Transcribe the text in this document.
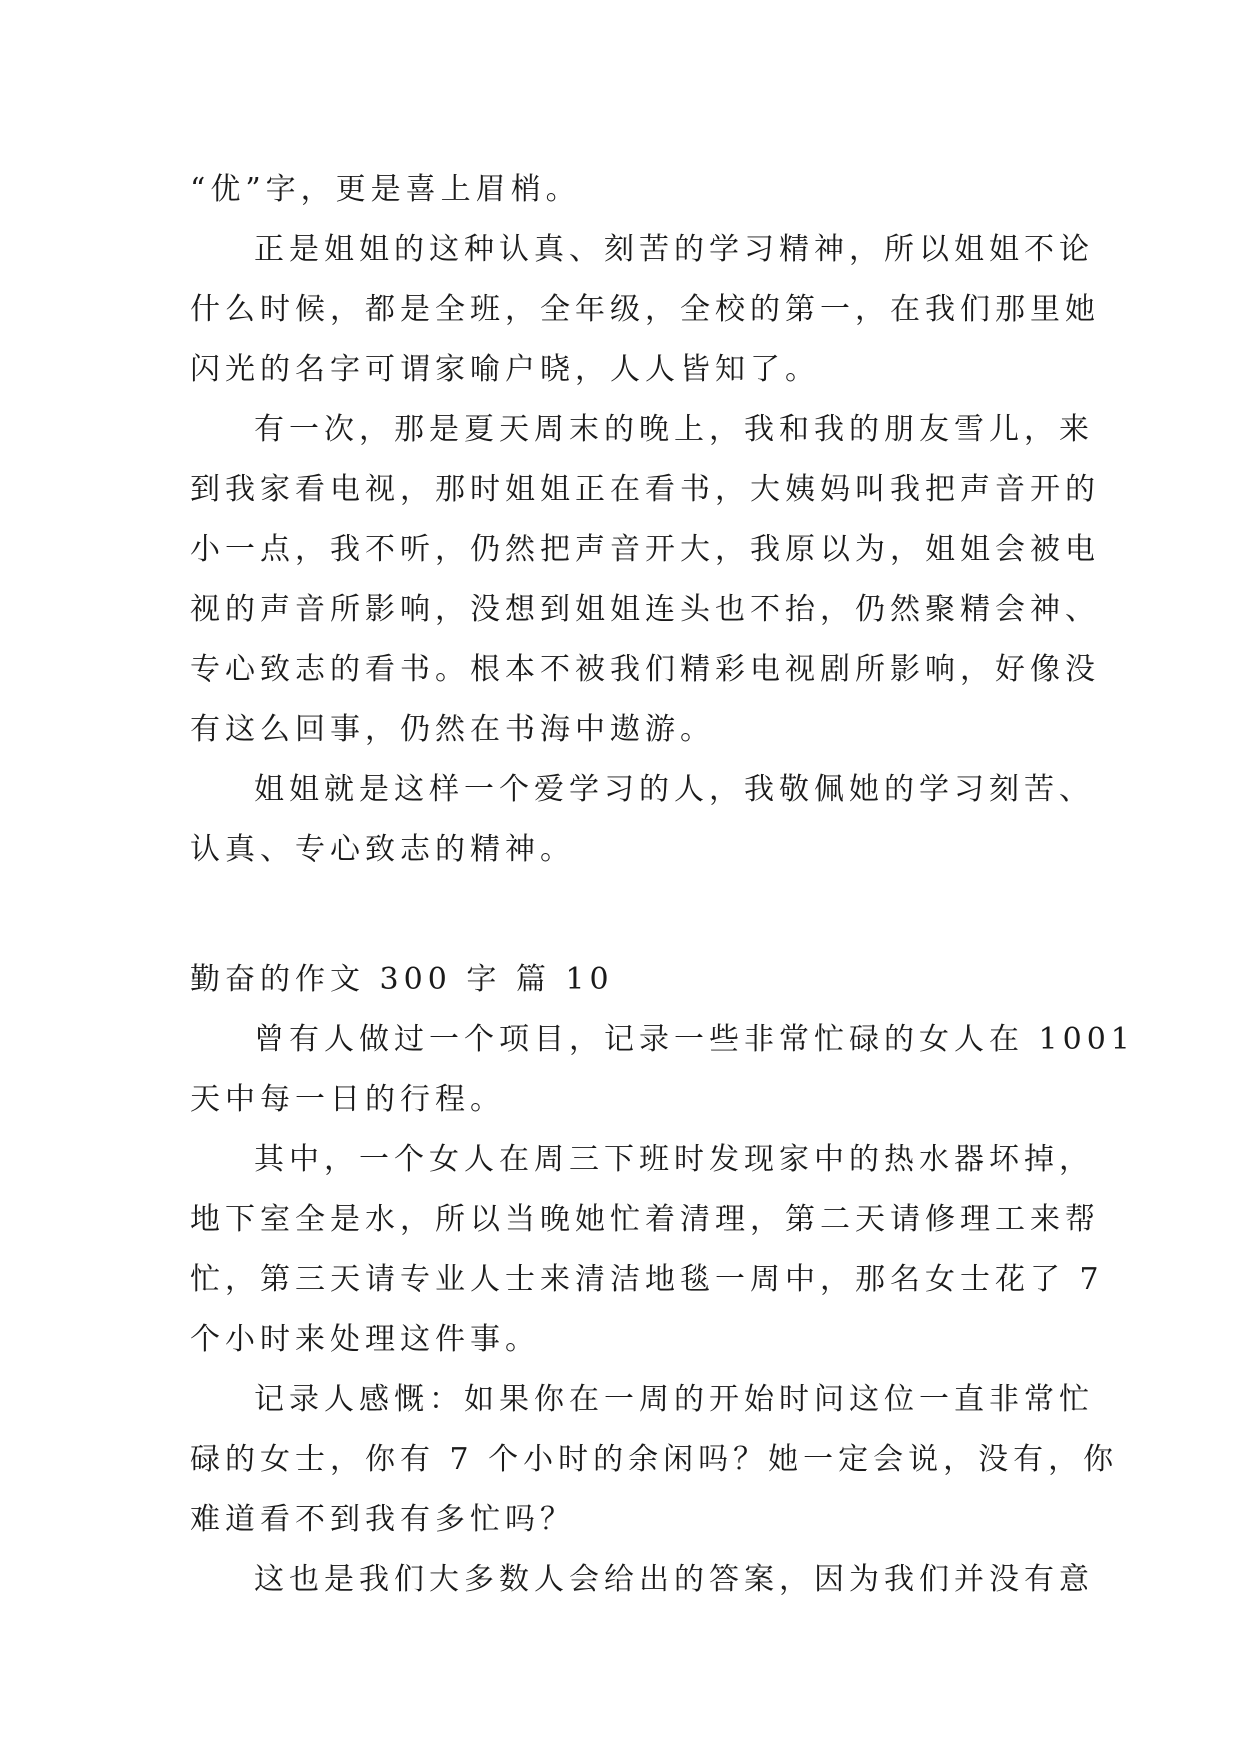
“优”字，更是喜上眉梢。
正是姐姐的这种认真、刻苦的学习精神，所以姐姐不论
什么时候，都是全班，全年级，全校的第一，在我们那里她
闪光的名字可谓家喻户晓，人人皆知了。
有一次，那是夏天周末的晚上，我和我的朋友雪儿，来
到我家看电视，那时姐姐正在看书，大姨妈叫我把声音开的
小一点，我不听，仍然把声音开大，我原以为，姐姐会被电
视的声音所影响，没想到姐姐连头也不抬，仍然聚精会神、
专心致志的看书。根本不被我们精彩电视剧所影响，好像没
有这么回事，仍然在书海中遨游。
姐姐就是这样一个爱学习的人，我敬佩她的学习刻苦、
认真、专心致志的精神。
勤奋的作文 300 字 篇 10
曾有人做过一个项目，记录一些非常忙碌的女人在 1001
天中每一日的行程。
其中，一个女人在周三下班时发现家中的热水器坏掉，
地下室全是水，所以当晚她忙着清理，第二天请修理工来帮
忙，第三天请专业人士来清洁地毯一周中，那名女士花了 7
个小时来处理这件事。
记录人感慨：如果你在一周的开始时问这位一直非常忙
碌的女士，你有 7 个小时的余闲吗？她一定会说，没有，你
难道看不到我有多忙吗？
这也是我们大多数人会给出的答案，因为我们并没有意
